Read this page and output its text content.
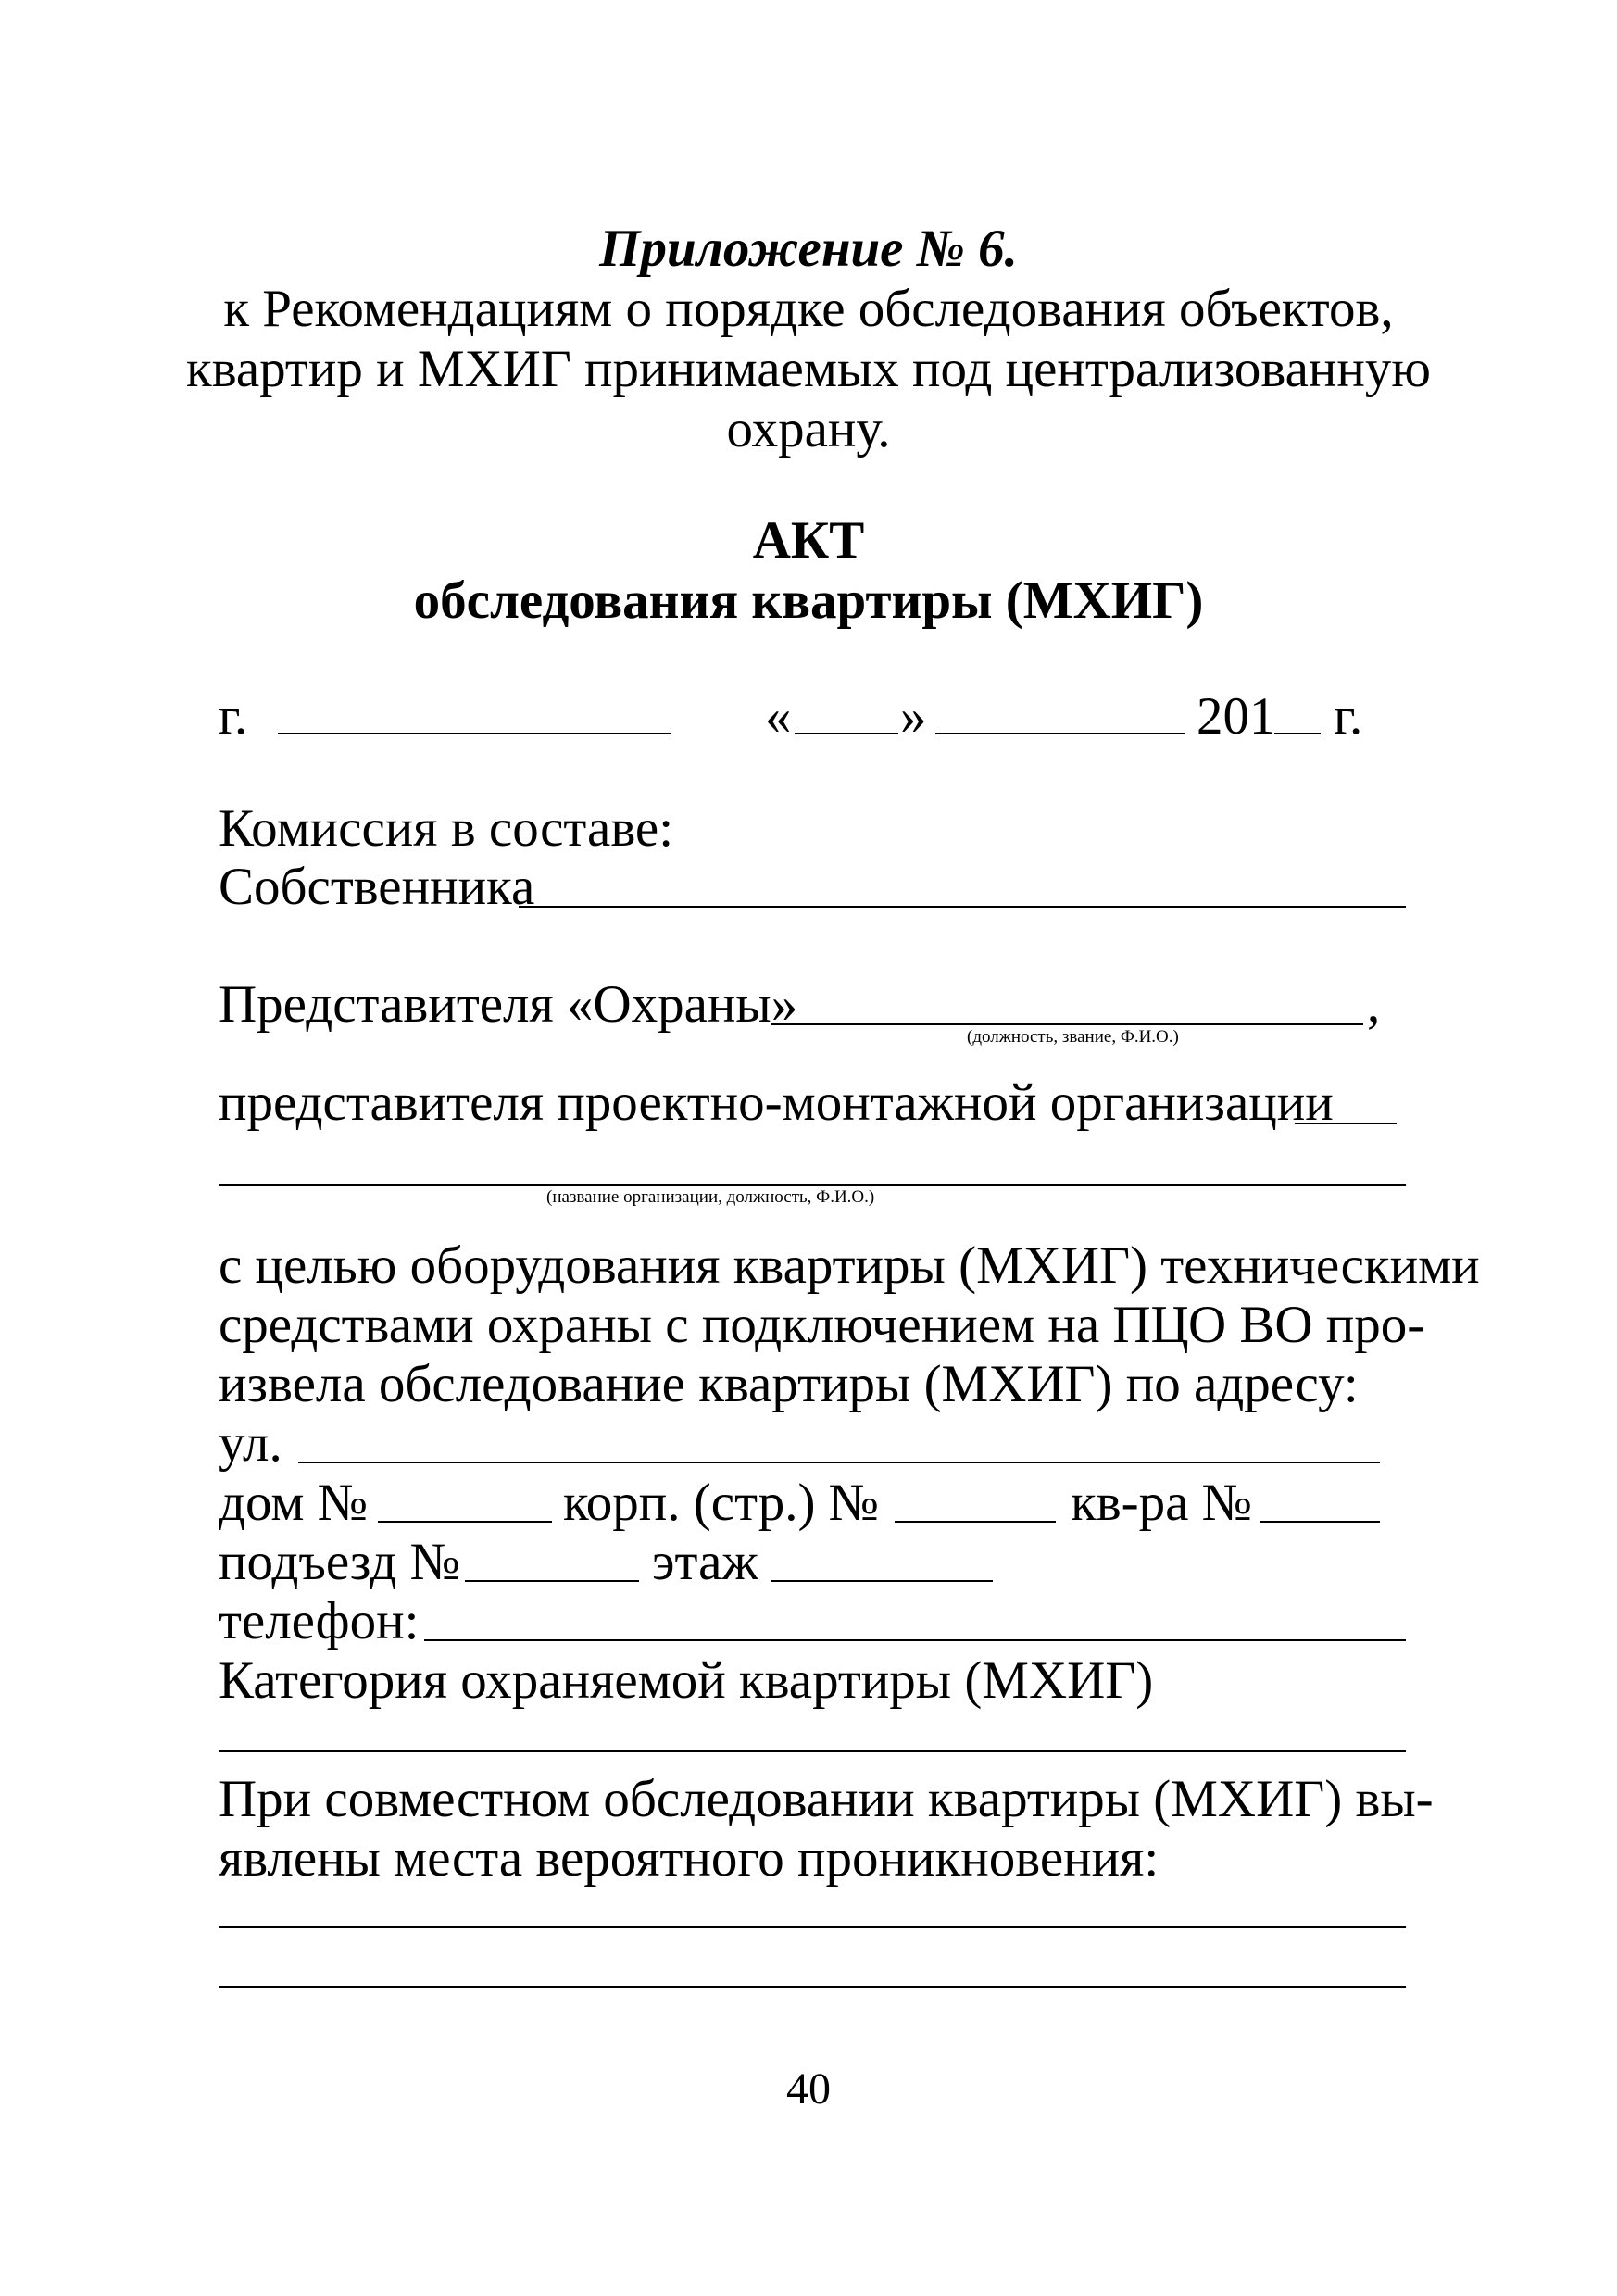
Приложение № 6.
к Рекомендациям о порядке обследования объектов,
квартир и МХИГ принимаемых под централизованную
охрану.
АКТ
обследования квартиры (МХИГ)
г.	« »	201 г.
Комиссия в составе:
Собственника
Представителя «Охраны»	,
(должность, звание, Ф.И.О.)
представителя проектно-монтажной организации
(название организации, должность, Ф.И.О.)
с целью оборудования квартиры (МХИГ) техническими
средствами охраны с подключением на ПЦО ВО про-
извела обследование квартиры (МХИГ) по адресу:
ул.
дом №	корп. (стр.) №	кв-ра №
подъезд №	этаж
телефон:
Категория охраняемой квартиры (МХИГ)
При совместном обследовании квартиры (МХИГ) вы-
явлены места вероятного проникновения:
40
